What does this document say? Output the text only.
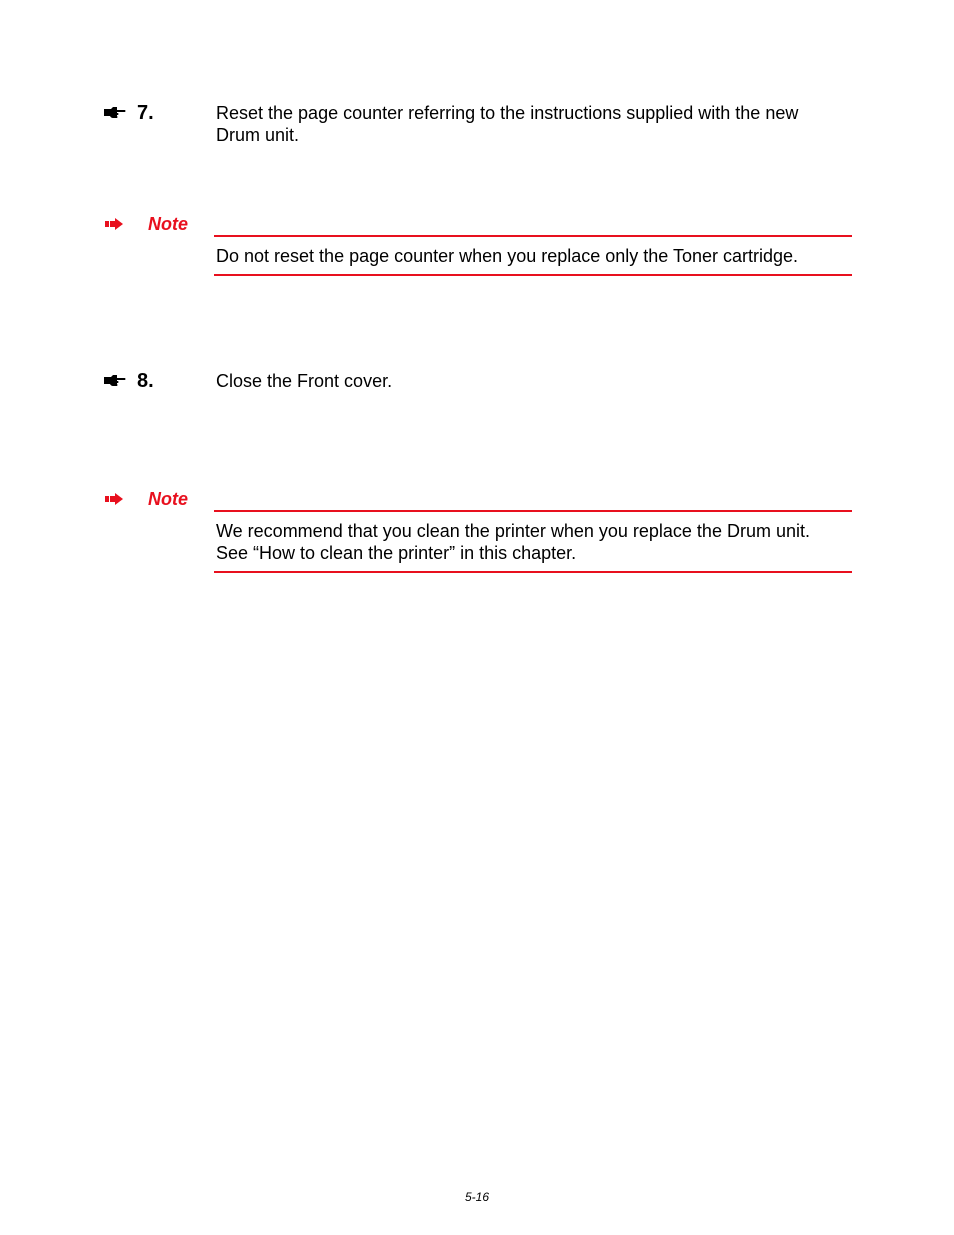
7.	Reset the page counter referring to the instructions supplied with the new Drum unit.
Note
Do not reset the page counter when you replace only the Toner cartridge.
8.	Close the Front cover.
Note
We recommend that you clean the printer when you replace the Drum unit. See “How to clean the printer” in this chapter.
5-16
